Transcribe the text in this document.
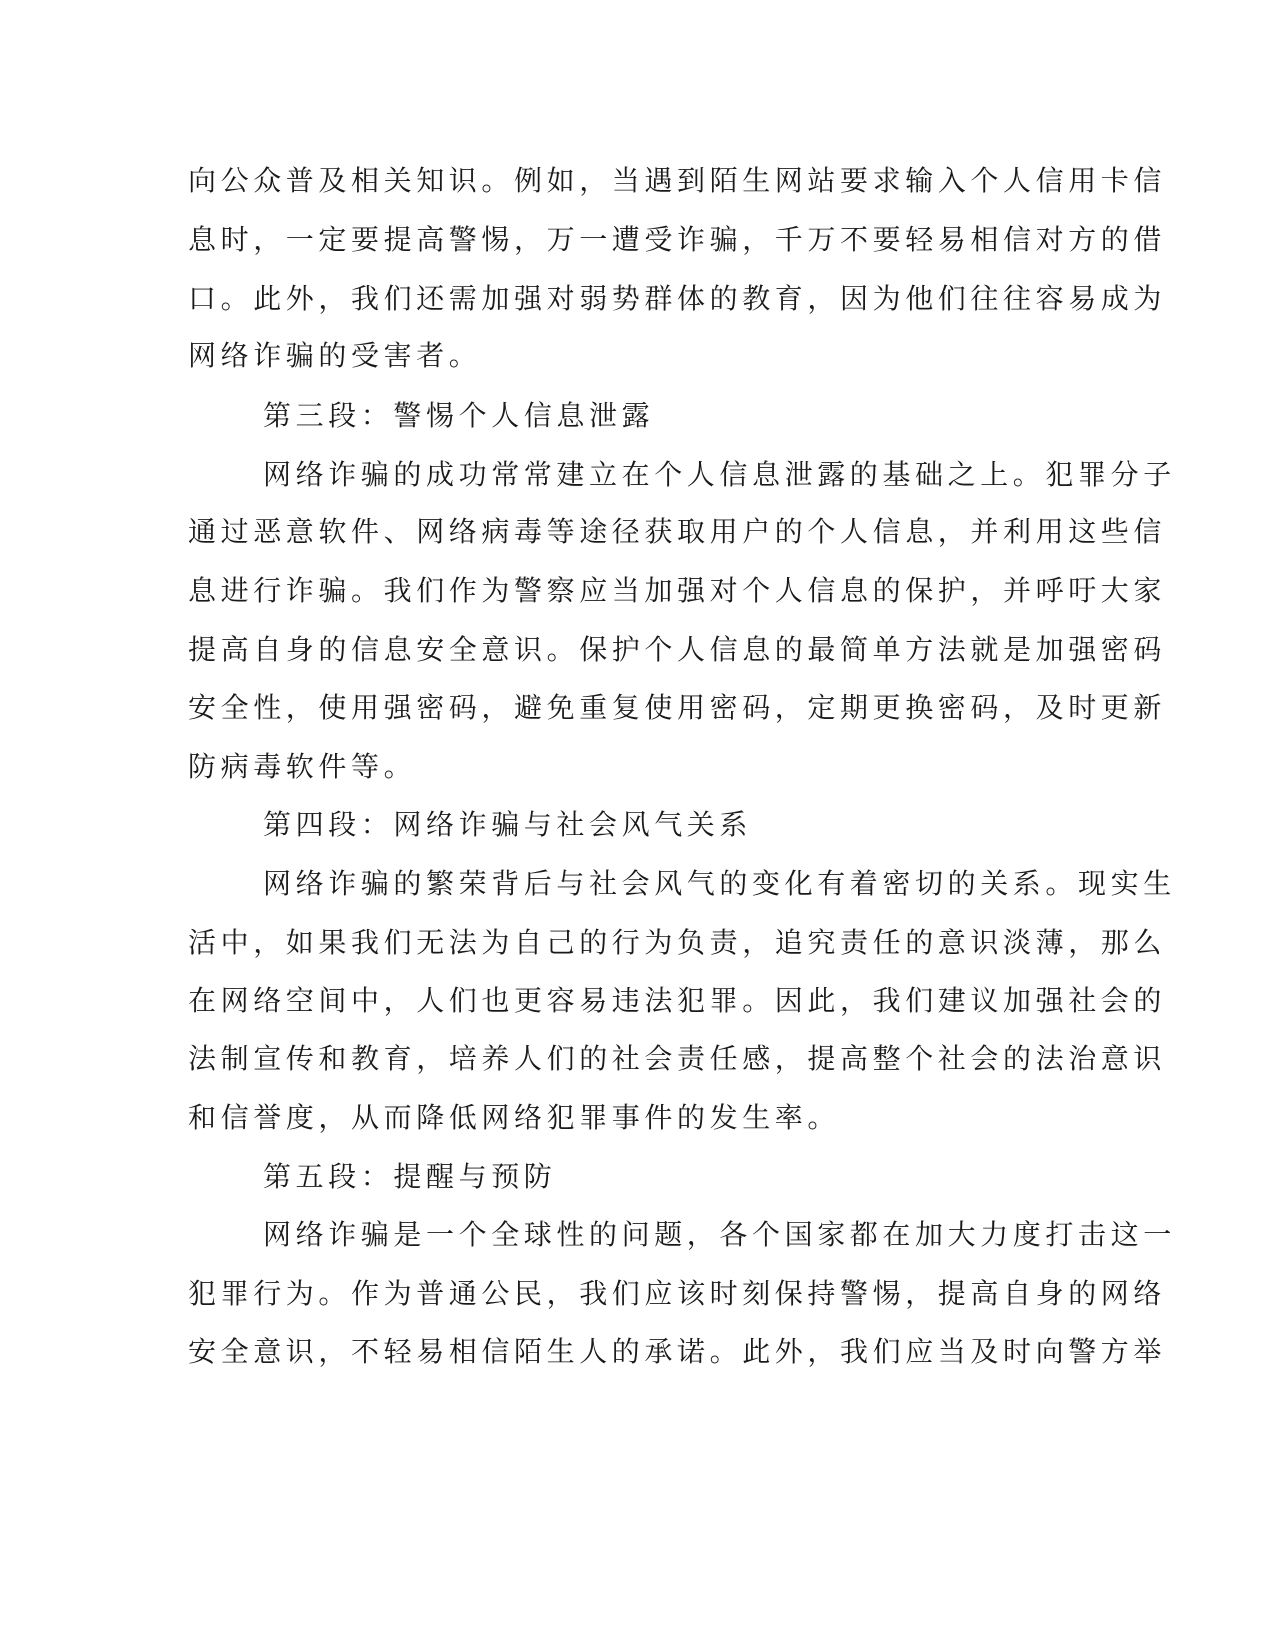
向公众普及相关知识。例如，当遇到陌生网站要求输入个人信用卡信
息时，一定要提高警惕，万一遭受诈骗，千万不要轻易相信对方的借
口。此外，我们还需加强对弱势群体的教育，因为他们往往容易成为
网络诈骗的受害者。
第三段：警惕个人信息泄露
网络诈骗的成功常常建立在个人信息泄露的基础之上。犯罪分子
通过恶意软件、网络病毒等途径获取用户的个人信息，并利用这些信
息进行诈骗。我们作为警察应当加强对个人信息的保护，并呼吁大家
提高自身的信息安全意识。保护个人信息的最简单方法就是加强密码
安全性，使用强密码，避免重复使用密码，定期更换密码，及时更新
防病毒软件等。
第四段：网络诈骗与社会风气关系
网络诈骗的繁荣背后与社会风气的变化有着密切的关系。现实生
活中，如果我们无法为自己的行为负责，追究责任的意识淡薄，那么
在网络空间中，人们也更容易违法犯罪。因此，我们建议加强社会的
法制宣传和教育，培养人们的社会责任感，提高整个社会的法治意识
和信誉度，从而降低网络犯罪事件的发生率。
第五段：提醒与预防
网络诈骗是一个全球性的问题，各个国家都在加大力度打击这一
犯罪行为。作为普通公民，我们应该时刻保持警惕，提高自身的网络
安全意识，不轻易相信陌生人的承诺。此外，我们应当及时向警方举
